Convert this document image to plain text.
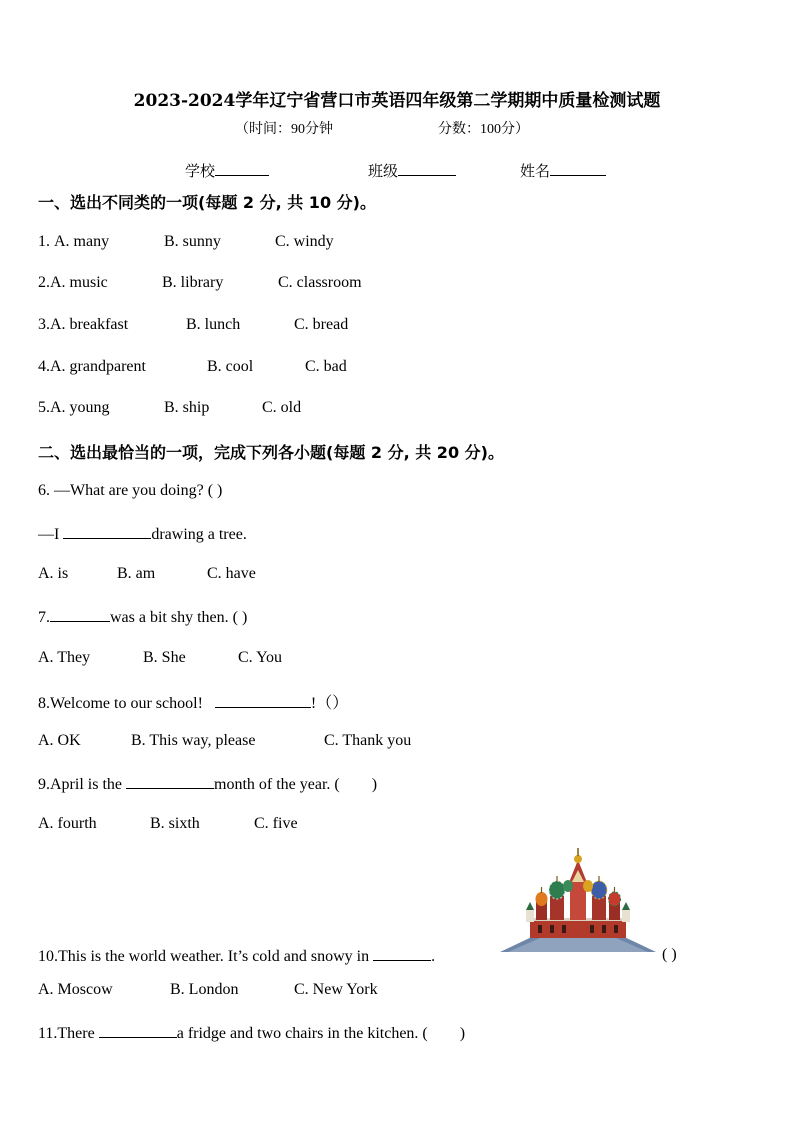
2023-2024学年辽宁省营口市英语四年级第二学期期中质量检测试题
（时间：90分钟	分数：100分）
学校	班级	姓名
一、选出不同类的一项(每题 2 分, 共 10 分)。
1. A. many	B. sunny	C. windy
2.A. music	B. library	C. classroom
3.A. breakfast	B. lunch	C. bread
4.A. grandparent	B. cool	C. bad
5.A. young	B. ship	C. old
二、选出最恰当的一项，完成下列各小题(每题 2 分, 共 20 分)。
6. —What are you doing? ( )
—I	drawing a tree.
A. is	B. am	C. have
7.	was a bit shy then. ( )
A. They	B. She	C. You
8.Welcome to our school!	!（）
A. OK	B. This way, please	C. Thank you
9.April is the	month of the year. (        )
A. fourth	B. sixth	C. five
10.This is the world weather. It’s cold and snowy in	.	( )
A. Moscow	B. London	C. New York
11.There	a fridge and two chairs in the kitchen. (        )
